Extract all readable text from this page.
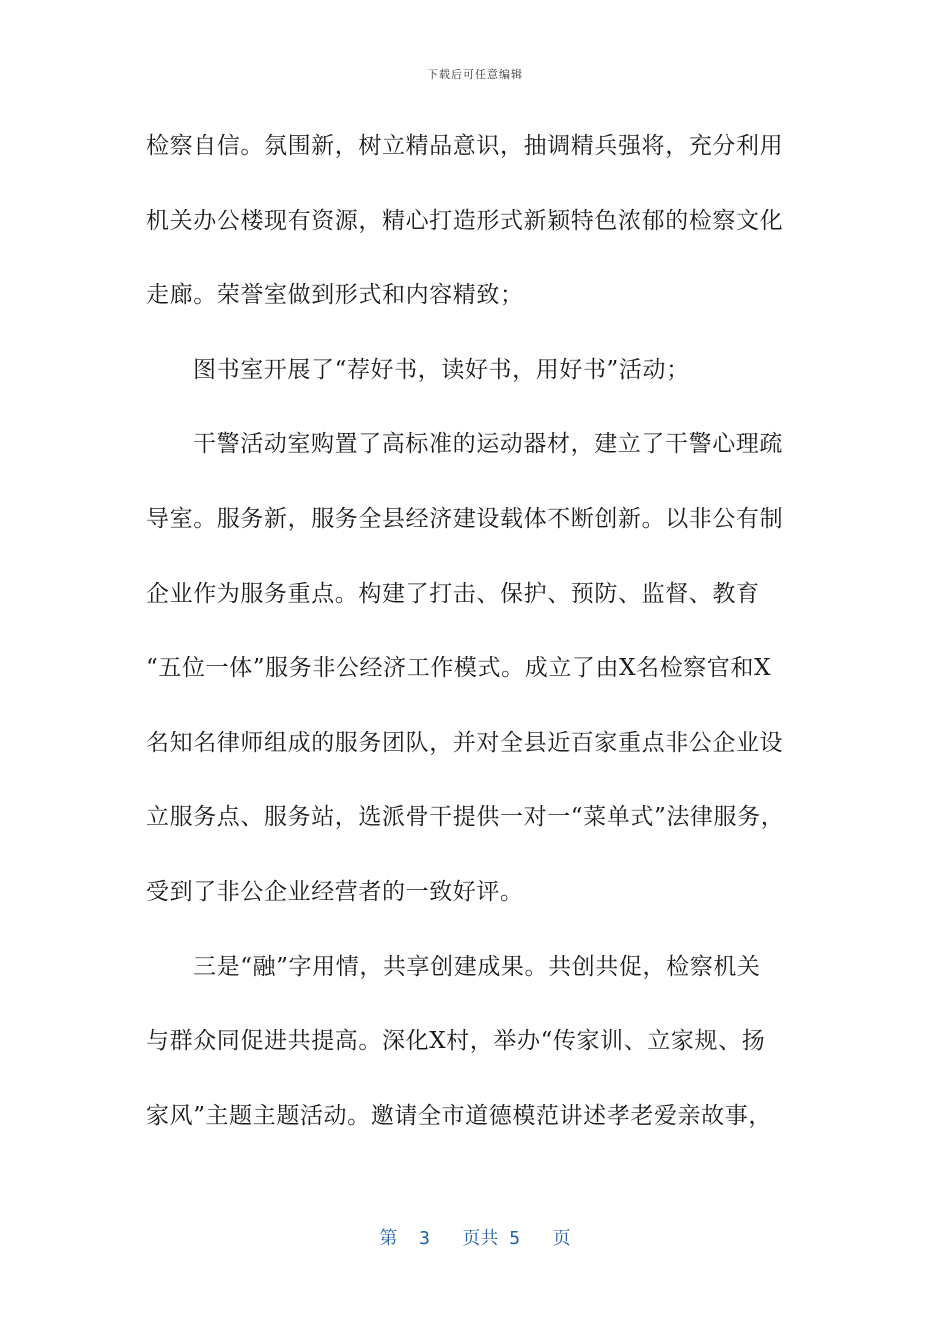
下载后可任意编辑
检察自信。氛围新，树立精品意识，抽调精兵强将，充分利用
机关办公楼现有资源，精心打造形式新颖特色浓郁的检察文化
走廊。荣誉室做到形式和内容精致；
图书室开展了“荐好书，读好书，用好书”活动；
干警活动室购置了高标准的运动器材，建立了干警心理疏
导室。服务新，服务全县经济建设载体不断创新。以非公有制
企业作为服务重点。构建了打击、保护、预防、监督、教育
“五位一体”服务非公经济工作模式。成立了由X名检察官和X
名知名律师组成的服务团队，并对全县近百家重点非公企业设
立服务点、服务站，选派骨干提供一对一“菜单式”法律服务，
受到了非公企业经营者的一致好评。
三是“融”字用情，共享创建成果。共创共促，检察机关
与群众同促进共提高。深化X村，举办“传家训、立家规、扬
家风”主题主题活动。邀请全市道德模范讲述孝老爱亲故事，
第  3   页共 5   页
